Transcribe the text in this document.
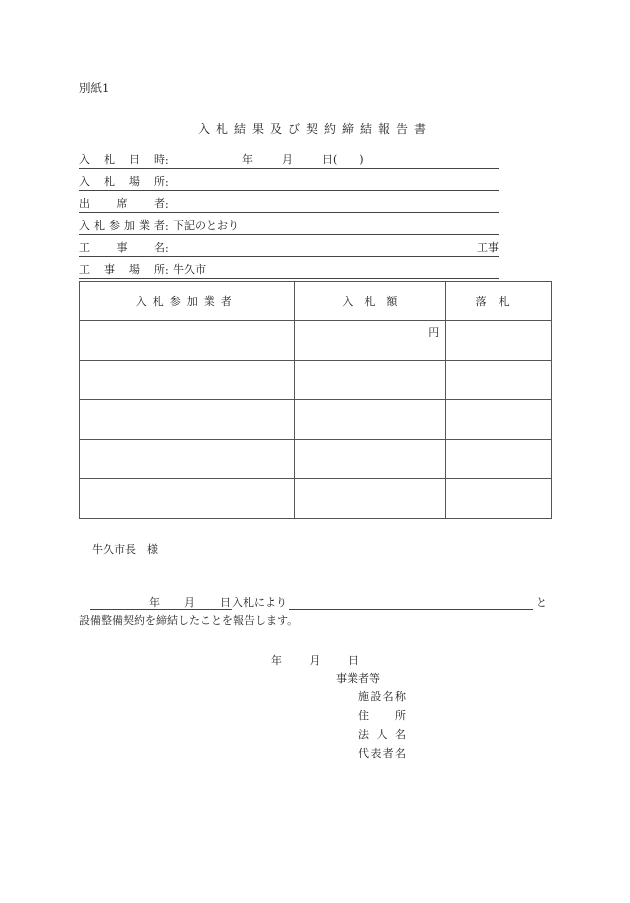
別紙1
入札結果及び契約締結報告書
入 札 日 時 :	年	月	日(　　)
入 札 場 所 :
出 席 者 :
入 札 参 加 業 者 : 下記のとおり
工 事 名 :	工事
工 事 場 所 : 牛久市
入札参加業者	入　札　額	落札

	円	

牛久市長　様
年 月 日 入札により	と
設備整備契約を締結したことを報告します。
年	月	日
事業者等
施 設 名 称
住 所
法 人 名
代 表 者 名
